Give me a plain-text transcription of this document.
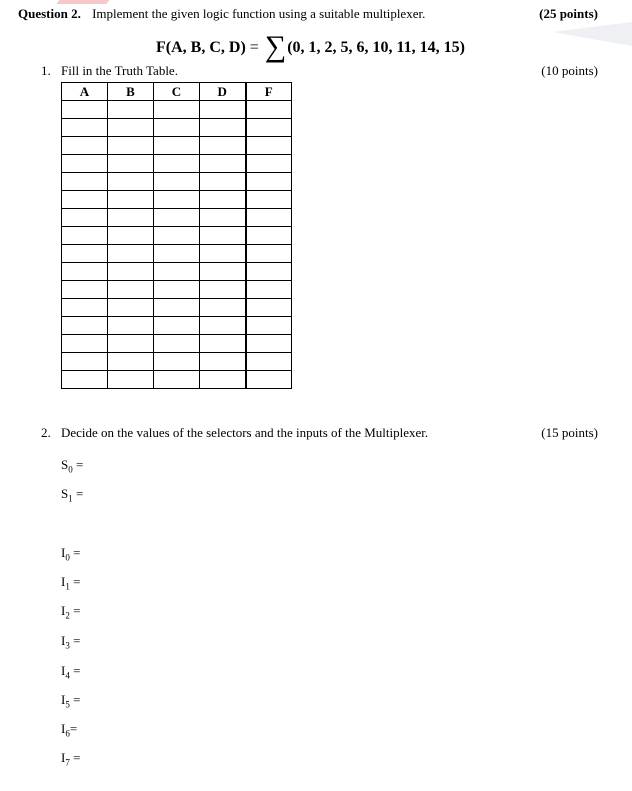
Question 2. Implement the given logic function using a suitable multiplexer.	(25 points)
F(A, B, C, D) = ∑(0, 1, 2, 5, 6, 10, 11, 14, 15)
1. Fill in the Truth Table.	(10 points)
A	B	C	D	F

2. Decide on the values of the selectors and the inputs of the Multiplexer.	(15 points)
$S_0$ =
$S_1$ =
$I_0$ =
$I_1$ =
$I_2$ =
$I_3$ =
$I_4$ =
$I_5$ =
$I_6=$
$I_7$ =
